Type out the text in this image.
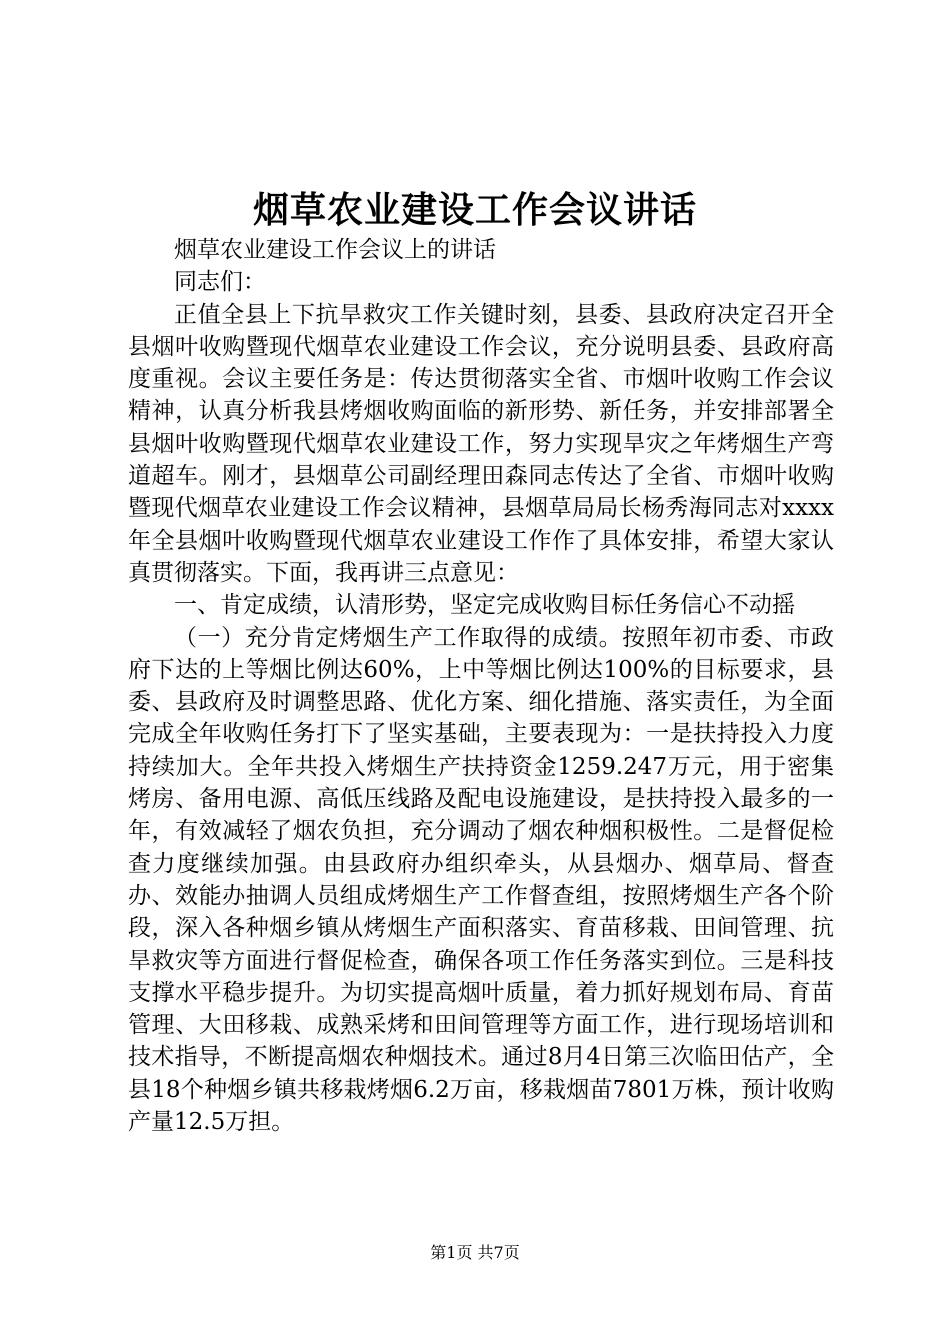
烟草农业建设工作会议讲话

烟草农业建设工作会议上的讲话

同志们：

正值全县上下抗旱救灾工作关键时刻，县委、县政府决定召开全县烟叶收购暨现代烟草农业建设工作会议，充分说明县委、县政府高度重视。会议主要任务是：传达贯彻落实全省、市烟叶收购工作会议精神，认真分析我县烤烟收购面临的新形势、新任务，并安排部署全县烟叶收购暨现代烟草农业建设工作，努力实现旱灾之年烤烟生产弯道超车。刚才，县烟草公司副经理田森同志传达了全省、市烟叶收购暨现代烟草农业建设工作会议精神，县烟草局局长杨秀海同志对xxxx年全县烟叶收购暨现代烟草农业建设工作作了具体安排，希望大家认真贯彻落实。下面，我再讲三点意见：

一、肯定成绩，认清形势，坚定完成收购目标任务信心不动摇

（一）充分肯定烤烟生产工作取得的成绩。按照年初市委、市政府下达的上等烟比例达60%，上中等烟比例达100%的目标要求，县委、县政府及时调整思路、优化方案、细化措施、落实责任，为全面完成全年收购任务打下了坚实基础，主要表现为：一是扶持投入力度持续加大。全年共投入烤烟生产扶持资金1259.247万元，用于密集烤房、备用电源、高低压线路及配电设施建设，是扶持投入最多的一年，有效减轻了烟农负担，充分调动了烟农种烟积极性。二是督促检查力度继续加强。由县政府办组织牵头，从县烟办、烟草局、督查办、效能办抽调人员组成烤烟生产工作督查组，按照烤烟生产各个阶段，深入各种烟乡镇从烤烟生产面积落实、育苗移栽、田间管理、抗旱救灾等方面进行督促检查，确保各项工作任务落实到位。三是科技支撑水平稳步提升。为切实提高烟叶质量，着力抓好规划布局、育苗管理、大田移栽、成熟采烤和田间管理等方面工作，进行现场培训和技术指导，不断提高烟农种烟技术。通过8月4日第三次临田估产，全县18个种烟乡镇共移栽烤烟6.2万亩，移栽烟苗7801万株，预计收购产量12.5万担。

第1页 共7页
